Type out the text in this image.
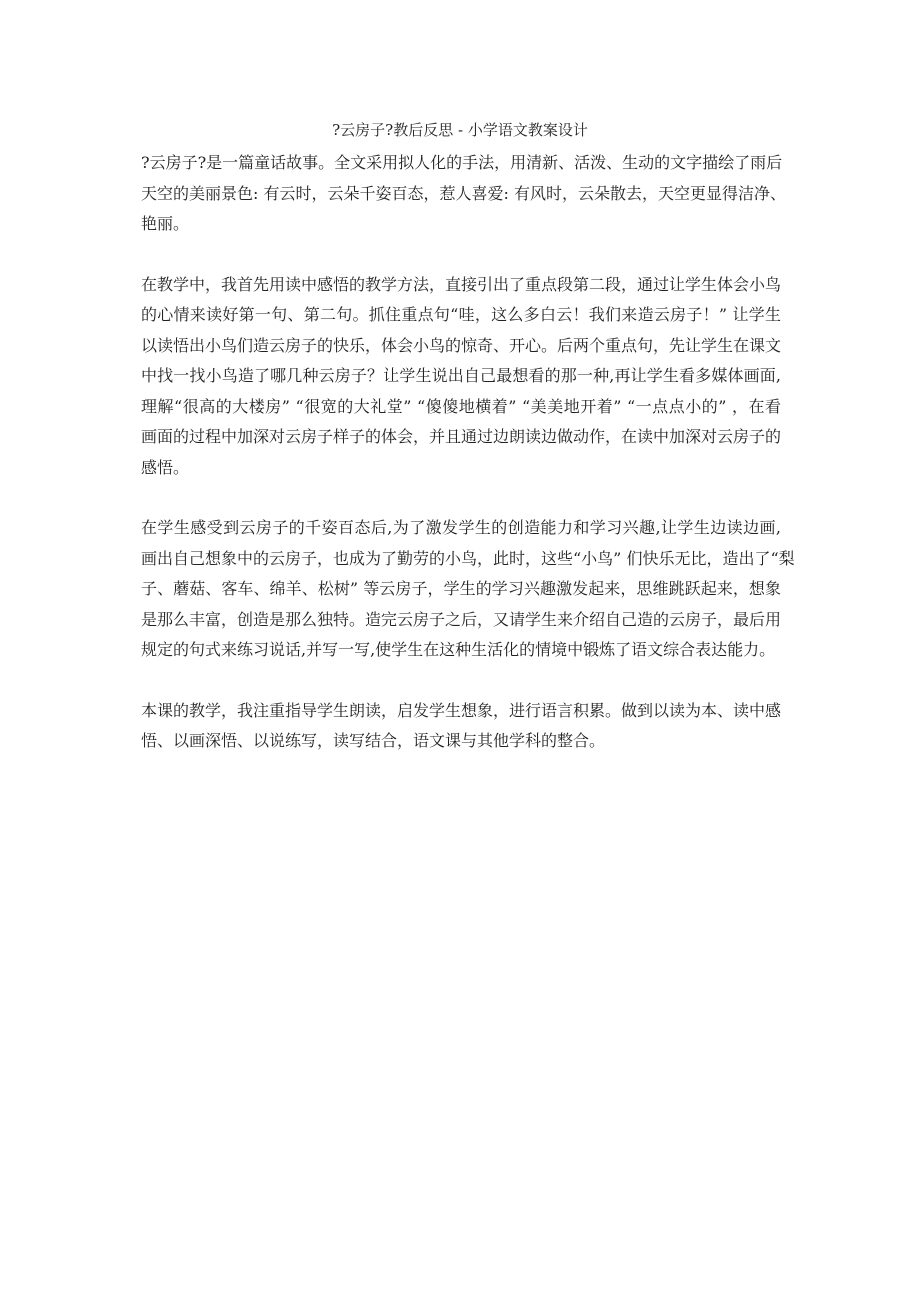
?云房子?教后反思 - 小学语文教案设计
?云房子?是一篇童话故事。全文采用拟人化的手法，用清新、活泼、生动的文字描绘了雨后
天空的美丽景色: 有云时，云朵千姿百态，惹人喜爱: 有风时，云朵散去，天空更显得洁净、
艳丽。
在教学中，我首先用读中感悟的教学方法，直接引出了重点段第二段，通过让学生体会小鸟
的心情来读好第一句、第二句。抓住重点句“哇，这么多白云！我们来造云房子！” 让学生
以读悟出小鸟们造云房子的快乐，体会小鸟的惊奇、开心。后两个重点句，先让学生在课文
中找一找小鸟造了哪几种云房子？让学生说出自己最想看的那一种,再让学生看多媒体画面,
理解“很高的大楼房” “很宽的大礼堂” “傻傻地横着” “美美地开着” “一点点小的” ，在看
画面的过程中加深对云房子样子的体会，并且通过边朗读边做动作，在读中加深对云房子的
感悟。
在学生感受到云房子的千姿百态后,为了激发学生的创造能力和学习兴趣,让学生边读边画,
画出自己想象中的云房子，也成为了勤劳的小鸟，此时，这些“小鸟” 们快乐无比，造出了“梨
子、蘑菇、客车、绵羊、松树” 等云房子，学生的学习兴趣激发起来，思维跳跃起来，想象
是那么丰富，创造是那么独特。造完云房子之后，又请学生来介绍自己造的云房子，最后用
规定的句式来练习说话,并写一写,使学生在这种生活化的情境中锻炼了语文综合表达能力。
本课的教学，我注重指导学生朗读，启发学生想象，进行语言积累。做到以读为本、读中感
悟、以画深悟、以说练写，读写结合，语文课与其他学科的整合。
